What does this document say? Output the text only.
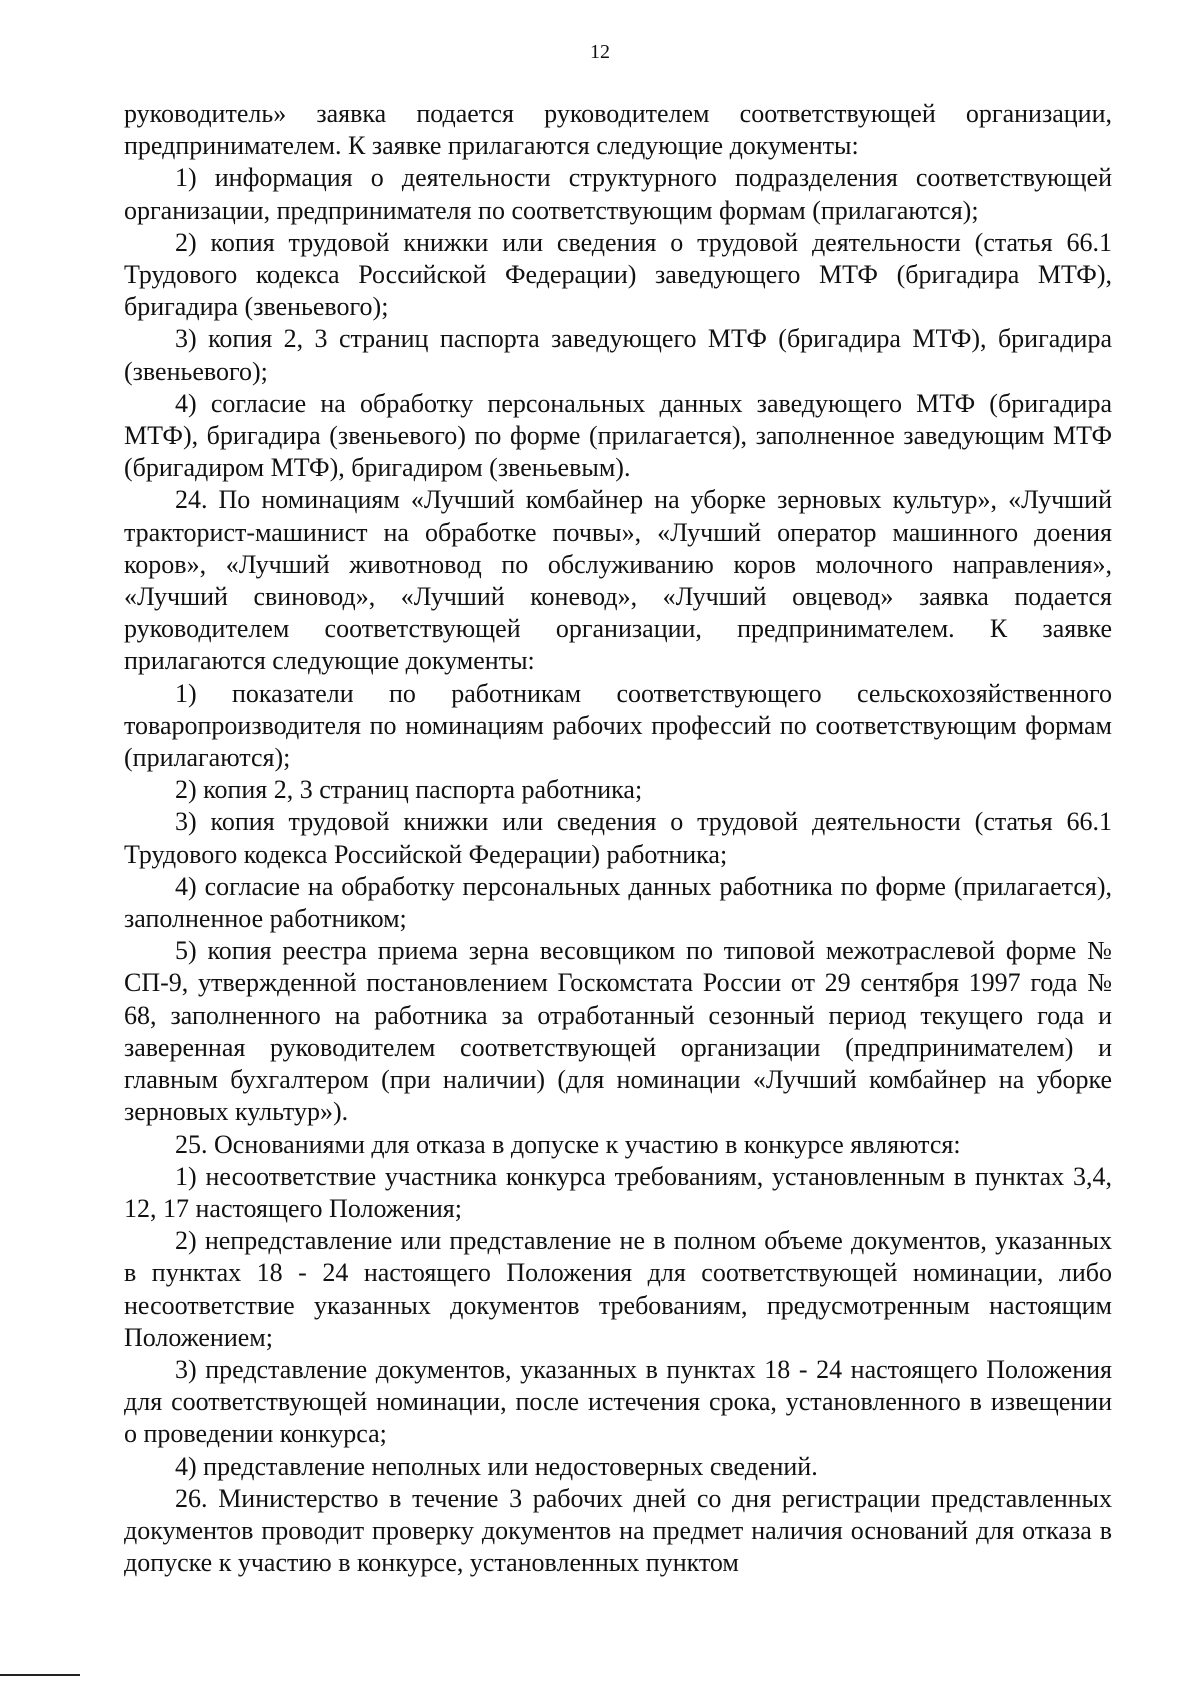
12

руководитель» заявка подается руководителем соответствующей организации, предпринимателем. К заявке прилагаются следующие документы:

1) информация о деятельности структурного подразделения соответствующей организации, предпринимателя по соответствующим формам (прилагаются);

2) копия трудовой книжки или сведения о трудовой деятельности (статья 66.1 Трудового кодекса Российской Федерации) заведующего МТФ (бригадира МТФ), бригадира (звеньевого);

3) копия 2, 3 страниц паспорта заведующего МТФ (бригадира МТФ), бригадира (звеньевого);

4) согласие на обработку персональных данных заведующего МТФ (бригадира МТФ), бригадира (звеньевого) по форме (прилагается), заполненное заведующим МТФ (бригадиром МТФ), бригадиром (звеньевым).

24. По номинациям «Лучший комбайнер на уборке зерновых культур», «Лучший тракторист-машинист на обработке почвы», «Лучший оператор машинного доения коров», «Лучший животновод по обслуживанию коров молочного направления», «Лучший свиновод», «Лучший коневод», «Лучший овцевод» заявка подается руководителем соответствующей организации, предпринимателем. К заявке прилагаются следующие документы:

1) показатели по работникам соответствующего сельскохозяйственного товаропроизводителя по номинациям рабочих профессий по соответствующим формам (прилагаются);

2) копия 2, 3 страниц паспорта работника;

3) копия трудовой книжки или сведения о трудовой деятельности (статья 66.1 Трудового кодекса Российской Федерации) работника;

4) согласие на обработку персональных данных работника по форме (прилагается), заполненное работником;

5) копия реестра приема зерна весовщиком по типовой межотраслевой форме № СП-9, утвержденной постановлением Госкомстата России от 29 сентября 1997 года № 68, заполненного на работника за отработанный сезонный период текущего года и заверенная руководителем соответствующей организации (предпринимателем) и главным бухгалтером (при наличии) (для номинации «Лучший комбайнер на уборке зерновых культур»).

25. Основаниями для отказа в допуске к участию в конкурсе являются:

1) несоответствие участника конкурса требованиям, установленным в пунктах 3,4, 12, 17 настоящего Положения;

2) непредставление или представление не в полном объеме документов, указанных в пунктах 18 - 24 настоящего Положения для соответствующей номинации, либо несоответствие указанных документов требованиям, предусмотренным настоящим Положением;

3) представление документов, указанных в пунктах 18 - 24 настоящего Положения для соответствующей номинации, после истечения срока, установленного в извещении о проведении конкурса;

4) представление неполных или недостоверных сведений.

26. Министерство в течение 3 рабочих дней со дня регистрации представленных документов проводит проверку документов на предмет наличия оснований для отказа в допуске к участию в конкурсе, установленных пунктом
